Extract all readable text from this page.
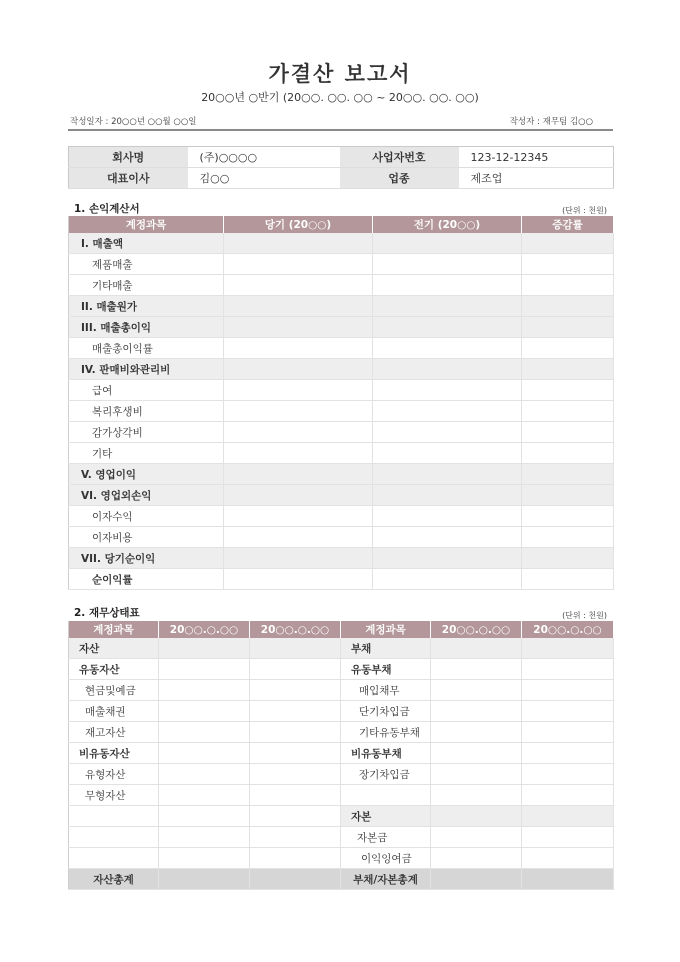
가결산 보고서
20○○년 ○반기 (20○○. ○○. ○○ ~ 20○○. ○○. ○○)
작성일자 : 20○○년 ○○월 ○○일	작성자 : 재무팀 김○○
회사명	(주)○○○○	사업자번호	123-12-12345
대표이사	김○○	업종	제조업
1. 손익계산서	(단위 : 천원)
계정과목	당기 (20○○)	전기 (20○○)	증감률
I. 매출액			
제품매출			
기타매출			
II. 매출원가			
III. 매출총이익			
매출총이익률			
IV. 판매비와관리비			
급여			
복리후생비			
감가상각비			
기타			
V. 영업이익			
VI. 영업외손익			
이자수익			
이자비용			
VII. 당기순이익			
순이익률			
2. 재무상태표	(단위 : 천원)
계정과목	20○○.○.○○	20○○.○.○○	계정과목	20○○.○.○○	20○○.○.○○
자산			부채		
유동자산			유동부채		
현금및예금			매입채무		
매출채권			단기차입금		
재고자산			기타유동부채		
비유동자산			비유동부채		
유형자산			장기차입금		
무형자산					
			자본		
			자본금		
			이익잉여금		
자산총계			부채/자본총계		
